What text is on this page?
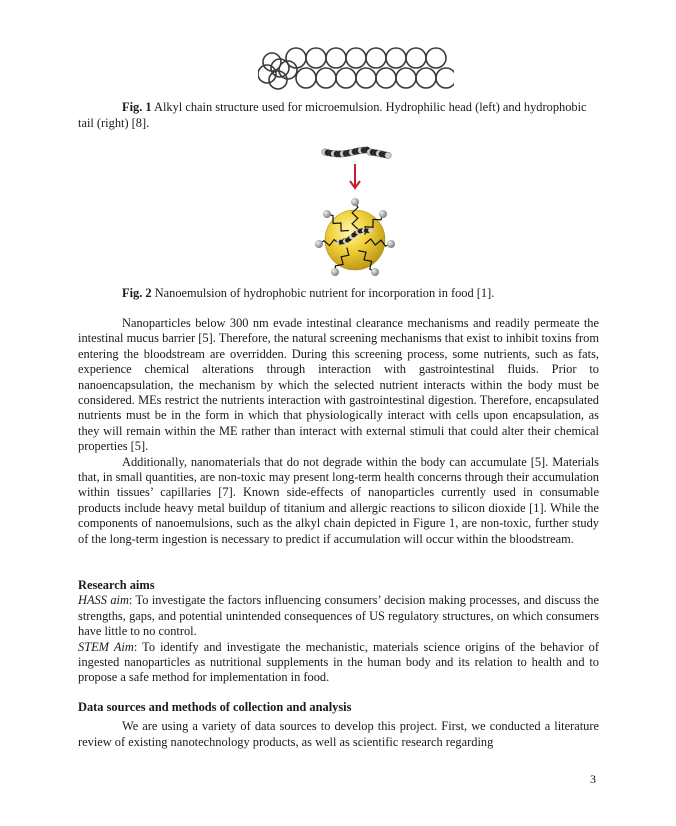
Fig. 1 Alkyl chain structure used for microemulsion. Hydrophilic head (left) and hydrophobic tail (right) [8].
Fig. 2 Nanoemulsion of hydrophobic nutrient for incorporation in food [1].

Nanoparticles below 300 nm evade intestinal clearance mechanisms and readily permeate the intestinal mucus barrier [5]. Therefore, the natural screening mechanisms that exist to inhibit toxins from entering the bloodstream are overridden. During this screening process, some nutrients, such as fats, experience chemical alterations through interaction with gastrointestinal fluids. Prior to nanoencapsulation, the mechanism by which the selected nutrient interacts within the body must be considered. MEs restrict the nutrients interaction with gastrointestinal digestion. Therefore, encapsulated nutrients must be in the form in which that physiologically interact with cells upon encapsulation, as they will remain within the ME rather than interact with external stimuli that could alter their chemical properties [5].

Additionally, nanomaterials that do not degrade within the body can accumulate [5]. Materials that, in small quantities, are non-toxic may present long-term health concerns through their accumulation within tissues’ capillaries [7]. Known side-effects of nanoparticles currently used in consumable products include heavy metal buildup of titanium and allergic reactions to silicon dioxide [1]. While the components of nanoemulsions, such as the alkyl chain depicted in Figure 1, are non-toxic, further study of the long-term ingestion is necessary to predict if accumulation will occur within the bloodstream.

Research aims

HASS aim: To investigate the factors influencing consumers’ decision making processes, and discuss the strengths, gaps, and potential unintended consequences of US regulatory structures, on which consumers have little to no control.

STEM Aim: To identify and investigate the mechanistic, materials science origins of the behavior of ingested nanoparticles as nutritional supplements in the human body and its relation to health and to propose a safe method for implementation in food.

Data sources and methods of collection and analysis

We are using a variety of data sources to develop this project. First, we conducted a literature review of existing nanotechnology products, as well as scientific research regarding

3
